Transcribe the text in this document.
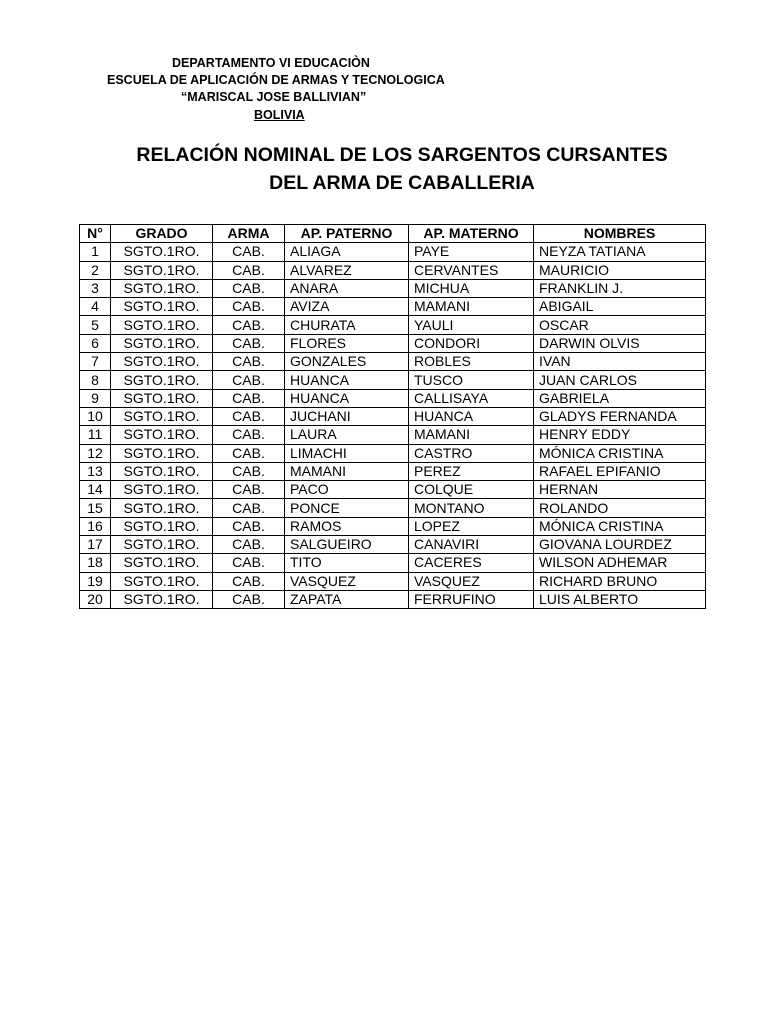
DEPARTAMENTO VI EDUCACIÒN
ESCUELA DE APLICACIÓN DE ARMAS Y TECNOLOGICA
“MARISCAL JOSE BALLIVIAN”
BOLIVIA
RELACIÓN NOMINAL DE LOS SARGENTOS CURSANTES
DEL ARMA DE CABALLERIA
N°	GRADO	ARMA	AP. PATERNO	AP. MATERNO	NOMBRES
1	SGTO.1RO.	CAB.	ALIAGA	PAYE	NEYZA TATIANA
2	SGTO.1RO.	CAB.	ALVAREZ	CERVANTES	MAURICIO
3	SGTO.1RO.	CAB.	ANARA	MICHUA	FRANKLIN J.
4	SGTO.1RO.	CAB.	AVIZA	MAMANI	ABIGAIL
5	SGTO.1RO.	CAB.	CHURATA	YAULI	OSCAR
6	SGTO.1RO.	CAB.	FLORES	CONDORI	DARWIN OLVIS
7	SGTO.1RO.	CAB.	GONZALES	ROBLES	IVAN
8	SGTO.1RO.	CAB.	HUANCA	TUSCO	JUAN CARLOS
9	SGTO.1RO.	CAB.	HUANCA	CALLISAYA	GABRIELA
10	SGTO.1RO.	CAB.	JUCHANI	HUANCA	GLADYS FERNANDA
11	SGTO.1RO.	CAB.	LAURA	MAMANI	HENRY EDDY
12	SGTO.1RO.	CAB.	LIMACHI	CASTRO	MÓNICA CRISTINA
13	SGTO.1RO.	CAB.	MAMANI	PEREZ	RAFAEL EPIFANIO
14	SGTO.1RO.	CAB.	PACO	COLQUE	HERNAN
15	SGTO.1RO.	CAB.	PONCE	MONTANO	ROLANDO
16	SGTO.1RO.	CAB.	RAMOS	LOPEZ	MÓNICA CRISTINA
17	SGTO.1RO.	CAB.	SALGUEIRO	CANAVIRI	GIOVANA LOURDEZ
18	SGTO.1RO.	CAB.	TITO	CACERES	WILSON ADHEMAR
19	SGTO.1RO.	CAB.	VASQUEZ	VASQUEZ	RICHARD BRUNO
20	SGTO.1RO.	CAB.	ZAPATA	FERRUFINO	LUIS ALBERTO
